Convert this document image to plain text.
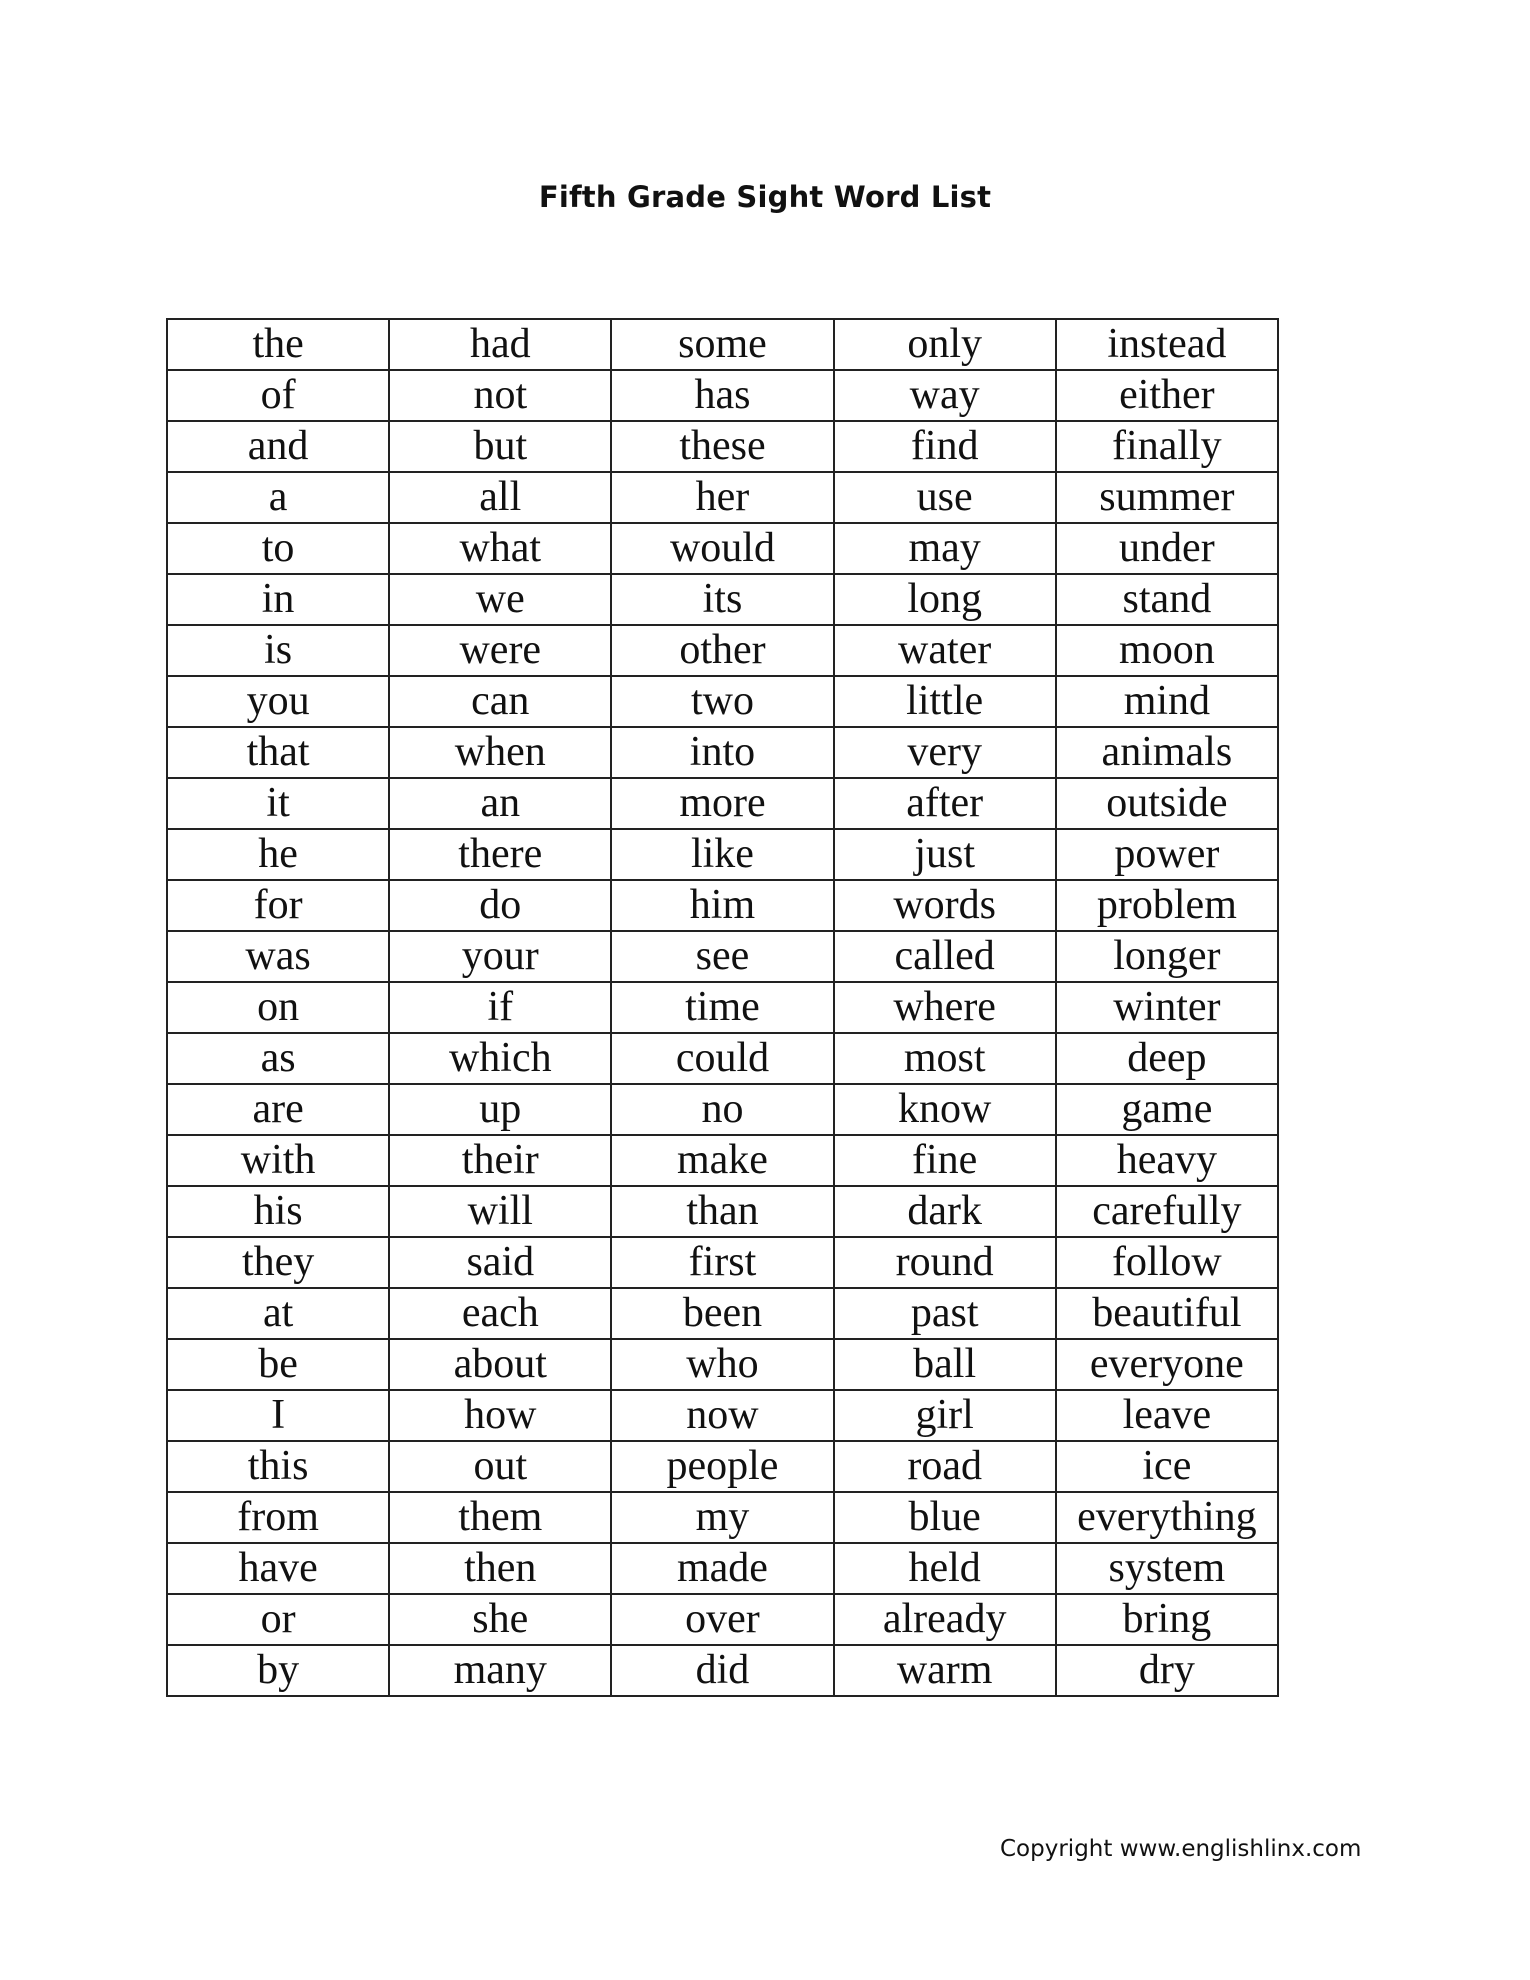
Fifth Grade Sight Word List
the	had	some	only	instead
of	not	has	way	either
and	but	these	find	finally
a	all	her	use	summer
to	what	would	may	under
in	we	its	long	stand
is	were	other	water	moon
you	can	two	little	mind
that	when	into	very	animals
it	an	more	after	outside
he	there	like	just	power
for	do	him	words	problem
was	your	see	called	longer
on	if	time	where	winter
as	which	could	most	deep
are	up	no	know	game
with	their	make	fine	heavy
his	will	than	dark	carefully
they	said	first	round	follow
at	each	been	past	beautiful
be	about	who	ball	everyone
I	how	now	girl	leave
this	out	people	road	ice
from	them	my	blue	everything
have	then	made	held	system
or	she	over	already	bring
by	many	did	warm	dry
Copyright www.englishlinx.com
